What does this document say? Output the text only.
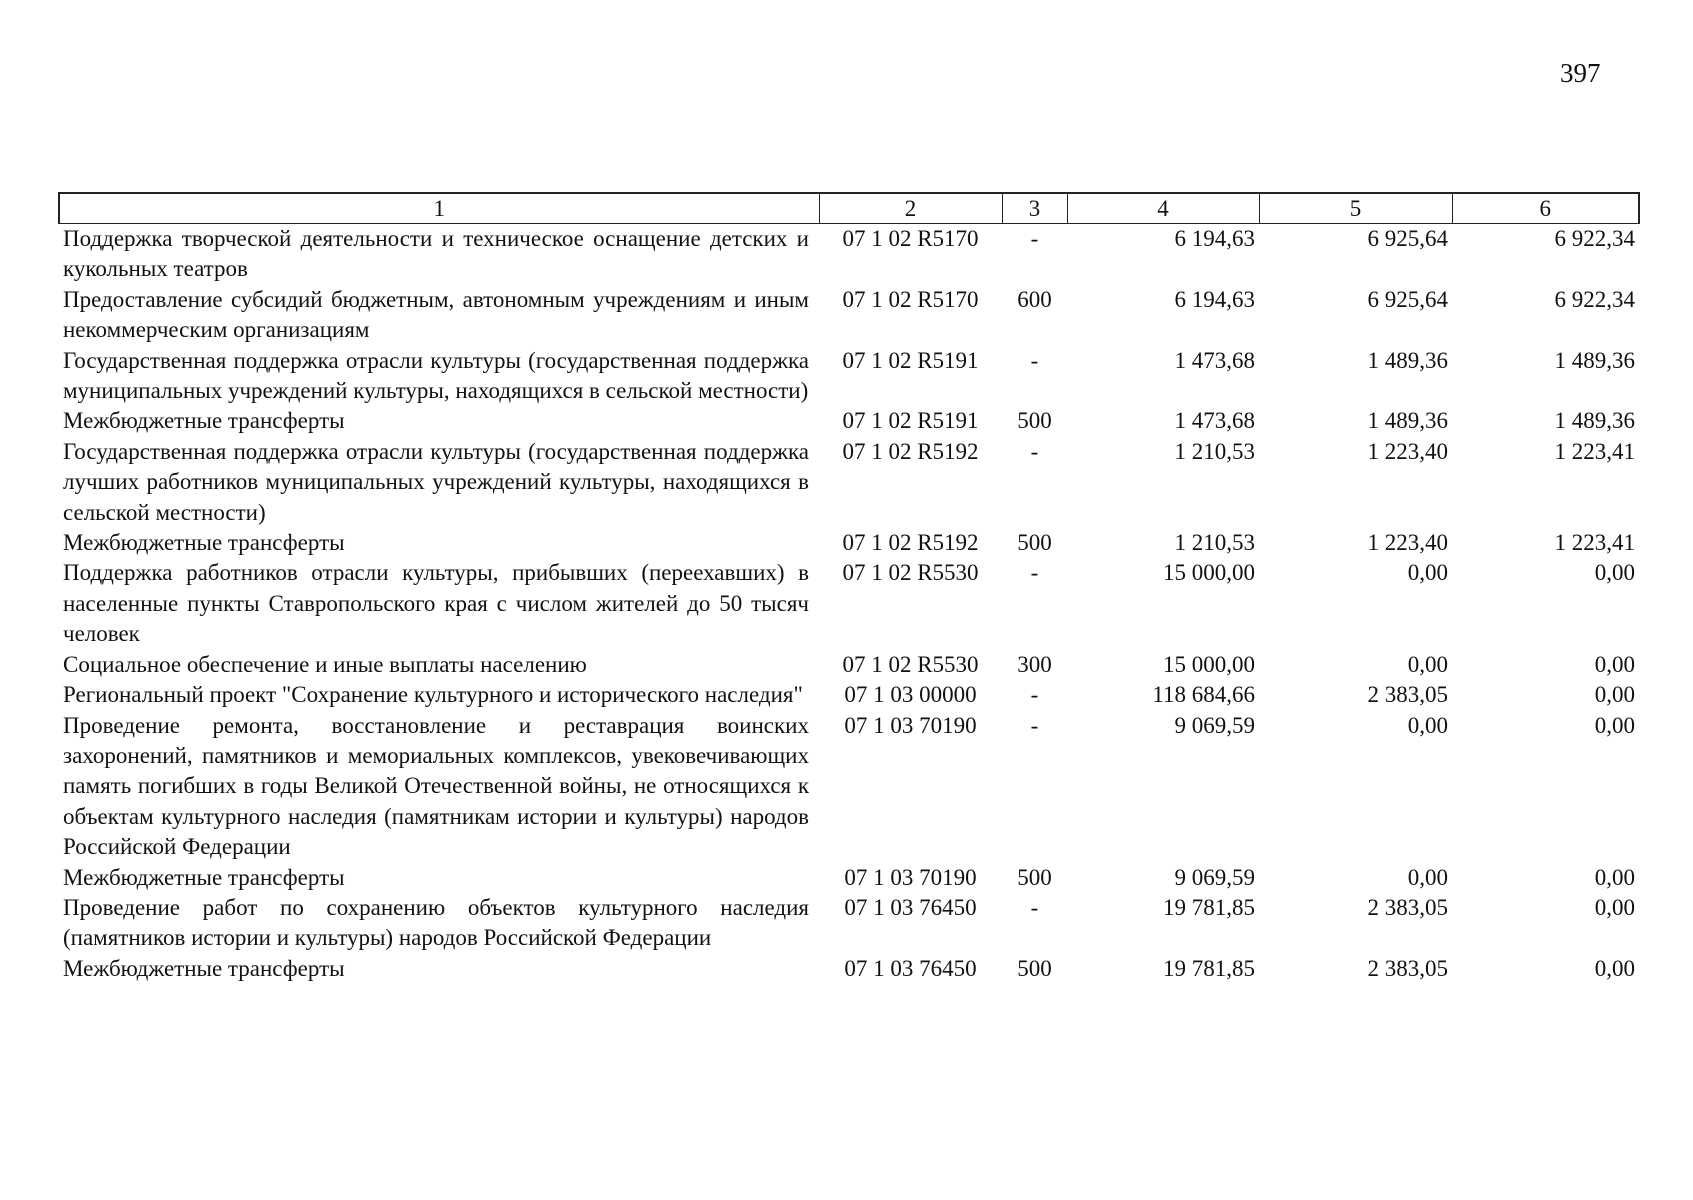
397
1	2	3	4	5	6
Поддержка творческой деятельности и техническое оснащение детских и кукольных театров	07 1 02 R5170	-	6 194,63	6 925,64	6 922,34
Предоставление субсидий бюджетным, автономным учреждениям и иным некоммерческим организациям	07 1 02 R5170	600	6 194,63	6 925,64	6 922,34
Государственная поддержка отрасли культуры (государственная поддержка муниципальных учреждений культуры, находящихся в сельской местности)	07 1 02 R5191	-	1 473,68	1 489,36	1 489,36
Межбюджетные трансферты	07 1 02 R5191	500	1 473,68	1 489,36	1 489,36
Государственная поддержка отрасли культуры (государственная поддержка лучших работников муниципальных учреждений культуры, находящихся в сельской местности)	07 1 02 R5192	-	1 210,53	1 223,40	1 223,41
Межбюджетные трансферты	07 1 02 R5192	500	1 210,53	1 223,40	1 223,41
Поддержка работников отрасли культуры, прибывших (переехавших) в населенные пункты Ставропольского края с числом жителей до 50 тысяч человек	07 1 02 R5530	-	15 000,00	0,00	0,00
Социальное обеспечение и иные выплаты населению	07 1 02 R5530	300	15 000,00	0,00	0,00
Региональный проект "Сохранение культурного и исторического наследия"	07 1 03 00000	-	118 684,66	2 383,05	0,00
Проведение ремонта, восстановление и реставрация воинских захоронений, памятников и мемориальных комплексов, увековечивающих память погибших в годы Великой Отечественной войны, не относящихся к объектам культурного наследия (памятникам истории и культуры) народов Российской Федерации	07 1 03 70190	-	9 069,59	0,00	0,00
Межбюджетные трансферты	07 1 03 70190	500	9 069,59	0,00	0,00
Проведение работ по сохранению объектов культурного наследия (памятников истории и культуры) народов Российской Федерации	07 1 03 76450	-	19 781,85	2 383,05	0,00
Межбюджетные трансферты	07 1 03 76450	500	19 781,85	2 383,05	0,00
